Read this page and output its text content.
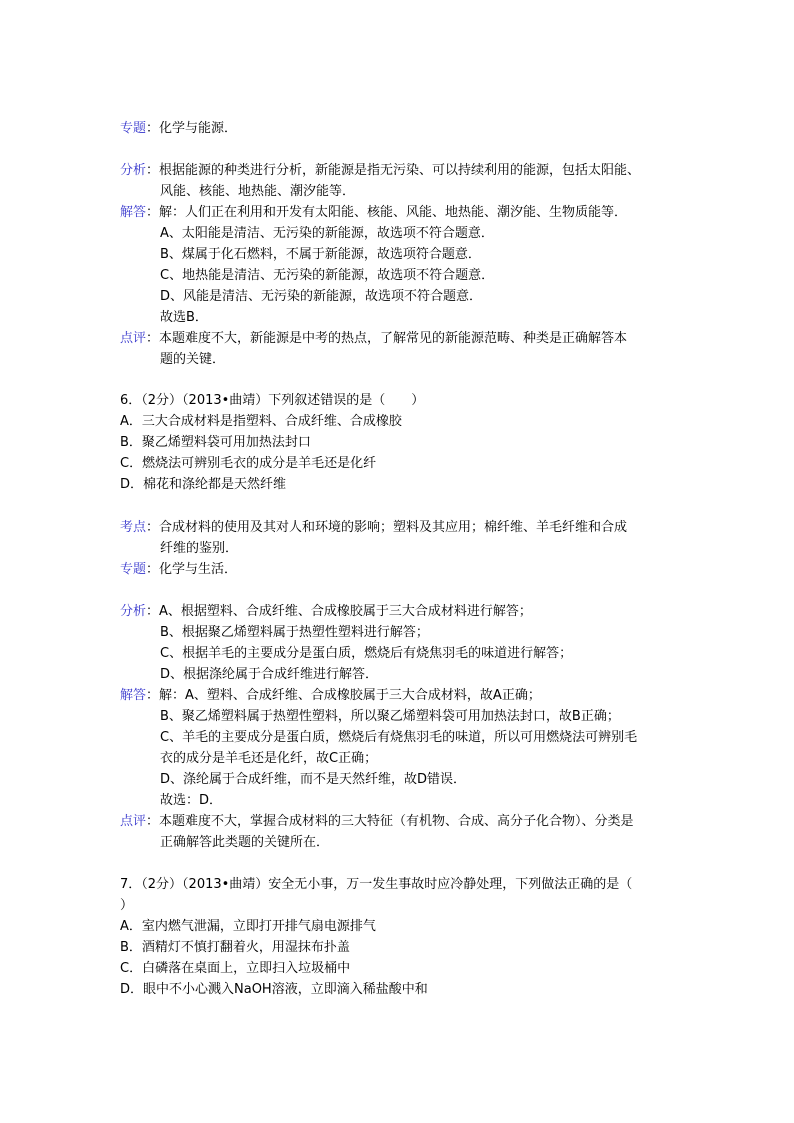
专题 ： 化学与能源．
分析 ： 根据能源的种类进行分析，新能源是指无污染、可以持续利用的能源，包括太阳能、
风能、核能、地热能、潮汐能等．
解答 ： 解：人们正在利用和开发有太阳能、核能、风能、地热能、潮汐能、生物质能等．
A、太阳能是清洁、无污染的新能源，故选项不符合题意．
B、煤属于化石燃料，不属于新能源，故选项符合题意．
C、地热能是清洁、无污染的新能源，故选项不符合题意．
D、风能是清洁、无污染的新能源，故选项不符合题意．
故选B．
点评 ： 本题难度不大，新能源是中考的热点，了解常见的新能源范畴、种类是正确解答本
题的关键．
6．（2分）（2013•曲靖）下列叙述错误的是（　　）
A．三大合成材料是指塑料、合成纤维、合成橡胶
B．聚乙烯塑料袋可用加热法封口
C．燃烧法可辨别毛衣的成分是羊毛还是化纤
D．棉花和涤纶都是天然纤维
考点 ： 合成材料的使用及其对人和环境的影响；塑料及其应用；棉纤维、羊毛纤维和合成
纤维的鉴别．
专题 ： 化学与生活．
分析 ： A、根据塑料、合成纤维、合成橡胶属于三大合成材料进行解答；
B、根据聚乙烯塑料属于热塑性塑料进行解答；
C、根据羊毛的主要成分是蛋白质，燃烧后有烧焦羽毛的味道进行解答；
D、根据涤纶属于合成纤维进行解答．
解答 ： 解：A、塑料、合成纤维、合成橡胶属于三大合成材料，故A正确；
B、聚乙烯塑料属于热塑性塑料，所以聚乙烯塑料袋可用加热法封口，故B正确；
C、羊毛的主要成分是蛋白质，燃烧后有烧焦羽毛的味道，所以可用燃烧法可辨别毛
衣的成分是羊毛还是化纤，故C正确；
D、涤纶属于合成纤维，而不是天然纤维，故D错误．
故选：D．
点评 ： 本题难度不大，掌握合成材料的三大特征（有机物、合成、高分子化合物）、分类是
正确解答此类题的关键所在．
7．（2分）（2013•曲靖）安全无小事，万一发生事故时应冷静处理，下列做法正确的是（
）
A．室内燃气泄漏，立即打开排气扇电源排气
B．酒精灯不慎打翻着火，用湿抹布扑盖
C．白磷落在桌面上，立即扫入垃圾桶中
D．眼中不小心溅入NaOH溶液，立即滴入稀盐酸中和
